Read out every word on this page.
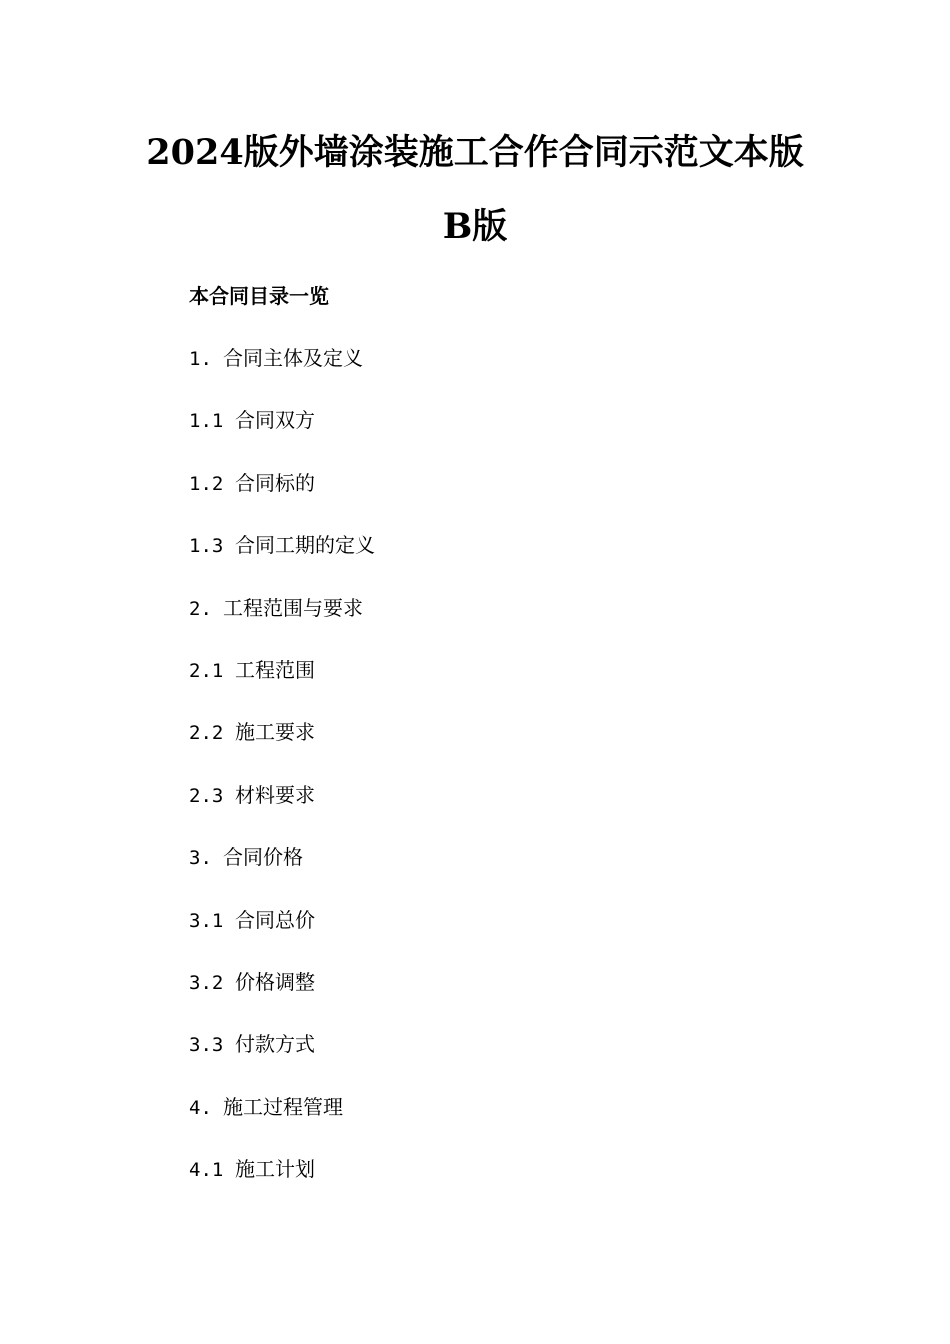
2024版外墙涂装施工合作合同示范文本版
B版
本合同目录一览
1. 合同主体及定义
1.1 合同双方
1.2 合同标的
1.3 合同工期的定义
2. 工程范围与要求
2.1 工程范围
2.2 施工要求
2.3 材料要求
3. 合同价格
3.1 合同总价
3.2 价格调整
3.3 付款方式
4. 施工过程管理
4.1 施工计划
